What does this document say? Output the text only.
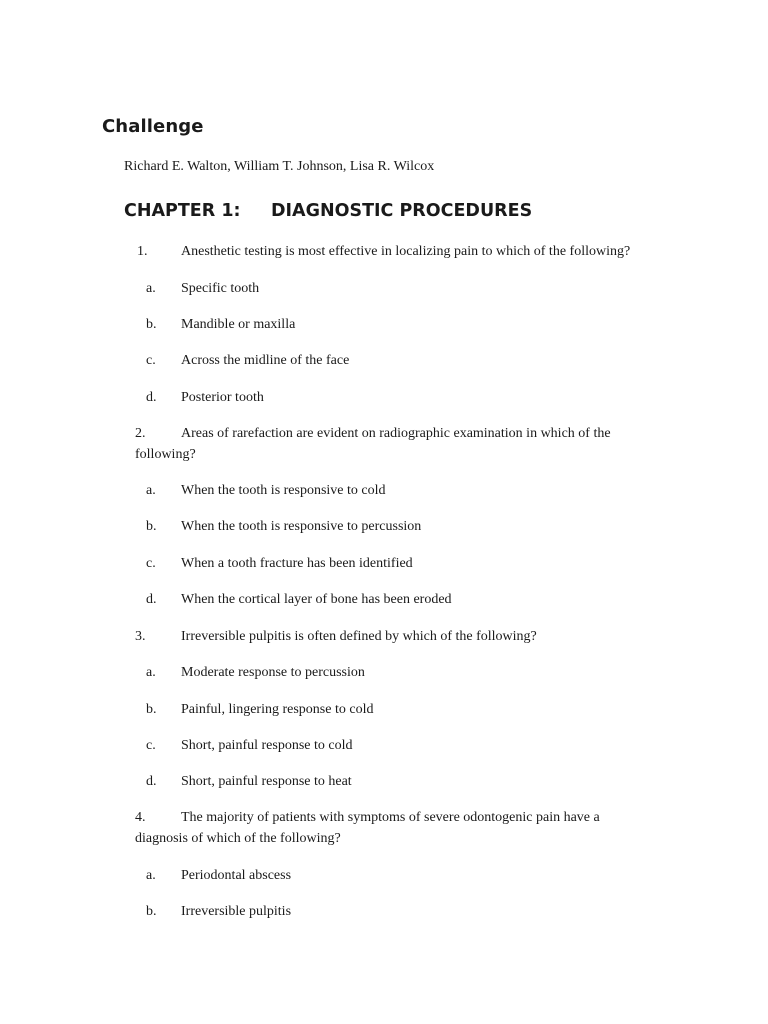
Challenge
Richard E. Walton, William T. Johnson, Lisa R. Wilcox
CHAPTER 1: DIAGNOSTIC PROCEDURES
1. Anesthetic testing is most effective in localizing pain to which of the following?
a. Specific tooth
b. Mandible or maxilla
c. Across the midline of the face
d. Posterior tooth
2.	Areas of rarefaction are evident on radiographic examination in which of the
following?
a. When the tooth is responsive to cold
b. When the tooth is responsive to percussion
c. When a tooth fracture has been identified
d. When the cortical layer of bone has been eroded
3.	Irreversible pulpitis is often defined by which of the following?
a. Moderate response to percussion
b. Painful, lingering response to cold
c. Short, painful response to cold
d. Short, painful response to heat
4.	The majority of patients with symptoms of severe odontogenic pain have a
diagnosis of which of the following?
a. Periodontal abscess
b. Irreversible pulpitis
